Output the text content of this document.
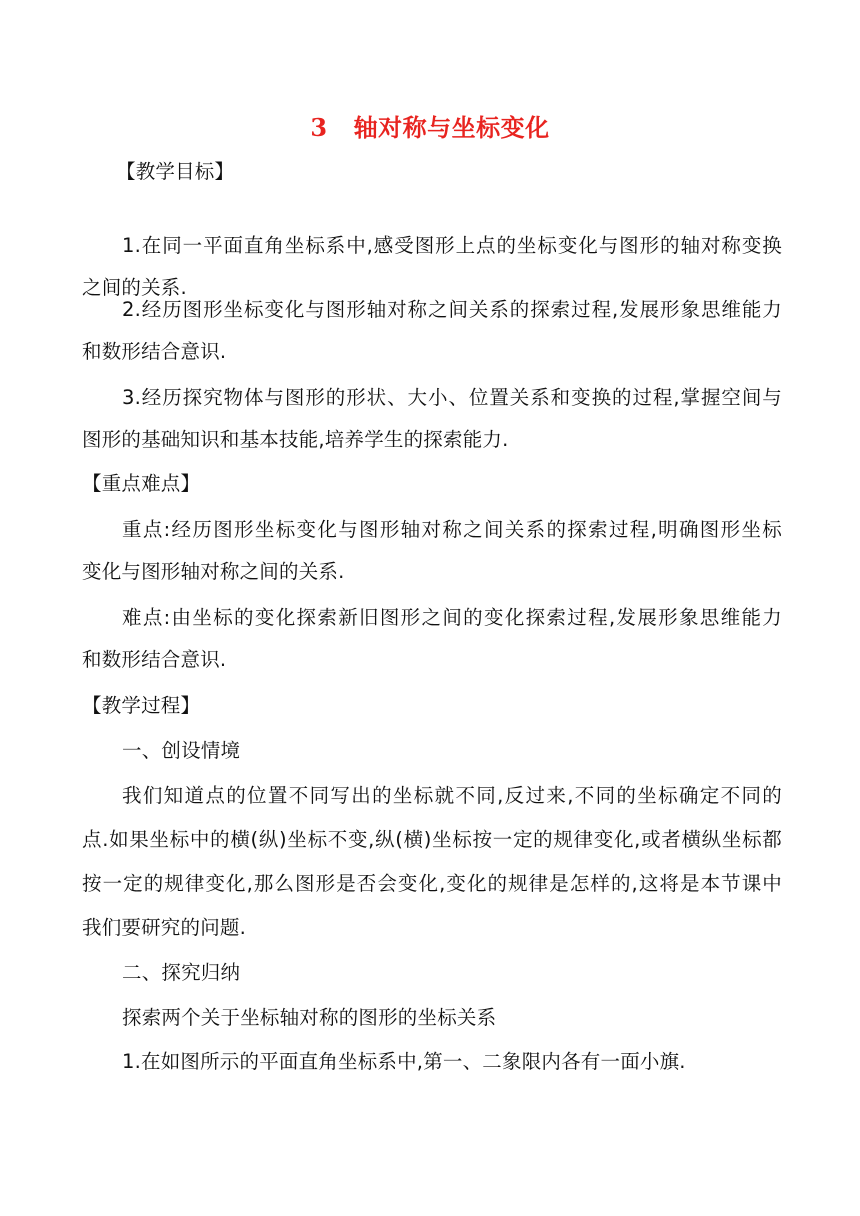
3 轴对称与坐标变化
【教学目标】
1.在同一平面直角坐标系中,感受图形上点的坐标变化与图形的轴对称变换
之间的关系.
2.经历图形坐标变化与图形轴对称之间关系的探索过程,发展形象思维能力
和数形结合意识.
3.经历探究物体与图形的形状、大小、位置关系和变换的过程,掌握空间与
图形的基础知识和基本技能,培养学生的探索能力.
【重点难点】
重点:经历图形坐标变化与图形轴对称之间关系的探索过程,明确图形坐标
变化与图形轴对称之间的关系.
难点:由坐标的变化探索新旧图形之间的变化探索过程,发展形象思维能力
和数形结合意识.
【教学过程】
一、创设情境
我们知道点的位置不同写出的坐标就不同,反过来,不同的坐标确定不同的
点.如果坐标中的横(纵)坐标不变,纵(横)坐标按一定的规律变化,或者横纵坐标都
按一定的规律变化,那么图形是否会变化,变化的规律是怎样的,这将是本节课中
我们要研究的问题.
二、探究归纳
探索两个关于坐标轴对称的图形的坐标关系
1.在如图所示的平面直角坐标系中,第一、二象限内各有一面小旗.
